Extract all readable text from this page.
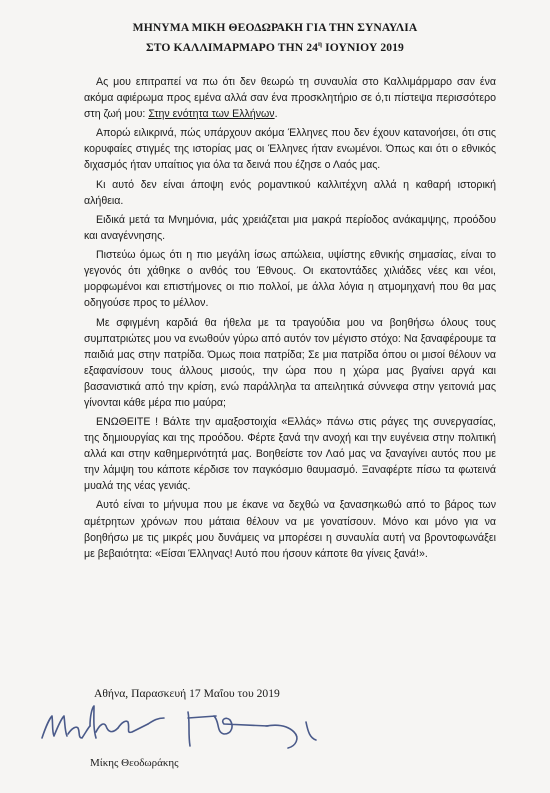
ΜΗΝΥΜΑ ΜΙΚΗ ΘΕΟΔΩΡΑΚΗ ΓΙΑ ΤΗΝ ΣΥΝΑΥΛΙΑ
ΣΤΟ ΚΑΛΛΙΜΑΡΜΑΡΟ ΤΗΝ $24^\eta$ ΙΟΥΝΙΟΥ 2019

Ας μου επιτραπεί να πω ότι δεν θεωρώ τη συναυλία στο Καλλιμάρμαρο σαν ένα ακόμα αφιέρωμα προς εμένα αλλά σαν ένα προσκλητήριο σε ό,τι πίστεψα περισσότερο στη ζωή μου: Στην ενότητα των Ελλήνων.

Απορώ ειλικρινά, πώς υπάρχουν ακόμα Έλληνες που δεν έχουν κατανοήσει, ότι στις κορυφαίες στιγμές της ιστορίας μας οι Έλληνες ήταν ενωμένοι. Όπως και ότι ο εθνικός διχασμός ήταν υπαίτιος για όλα τα δεινά που έζησε ο Λαός μας.

Κι αυτό δεν είναι άποψη ενός ρομαντικού καλλιτέχνη αλλά η καθαρή ιστορική αλήθεια.

Ειδικά μετά τα Μνημόνια, μάς χρειάζεται μια μακρά περίοδος ανάκαμψης, προόδου και αναγέννησης.

Πιστεύω όμως ότι η πιο μεγάλη ίσως απώλεια, υψίστης εθνικής σημασίας, είναι το γεγονός ότι χάθηκε ο ανθός του Έθνους. Οι εκατοντάδες χιλιάδες νέες και νέοι, μορφωμένοι και επιστήμονες οι πιο πολλοί, με άλλα λόγια η ατμομηχανή που θα μας οδηγούσε προς το μέλλον.

Με σφιγμένη καρδιά θα ήθελα με τα τραγούδια μου να βοηθήσω όλους τους συμπατριώτες μου να ενωθούν γύρω από αυτόν τον μέγιστο στόχο: Να ξαναφέρουμε τα παιδιά μας στην πατρίδα. Όμως ποια πατρίδα; Σε μια πατρίδα όπου οι μισοί θέλουν να εξαφανίσουν τους άλλους μισούς, την ώρα που η χώρα μας βγαίνει αργά και βασανιστικά από την κρίση, ενώ παράλληλα τα απειλητικά σύννεφα στην γειτονιά μας γίνονται κάθε μέρα πιο μαύρα;

ΕΝΩΘΕΙΤΕ ! Βάλτε την αμαξοστοιχία «Ελλάς» πάνω στις ράγες της συνεργασίας, της δημιουργίας και της προόδου. Φέρτε ξανά την ανοχή και την ευγένεια στην πολιτική αλλά και στην καθημερινότητά μας. Βοηθείστε τον Λαό μας να ξαναγίνει αυτός που με την λάμψη του κάποτε κέρδισε τον παγκόσμιο θαυμασμό. Ξαναφέρτε πίσω τα φωτεινά μυαλά της νέας γενιάς.

Αυτό είναι το μήνυμα που με έκανε να δεχθώ να ξανασηκωθώ από το βάρος των αμέτρητων χρόνων που μάταια θέλουν να με γονατίσουν. Μόνο και μόνο για να βοηθήσω με τις μικρές μου δυνάμεις να μπορέσει η συναυλία αυτή να βροντοφωνάξει με βεβαιότητα: «Είσαι Έλληνας! Αυτό που ήσουν κάποτε θα γίνεις ξανά!».

Αθήνα, Παρασκευή 17 Μαΐου του 2019
Μίκης Θεοδωράκης
